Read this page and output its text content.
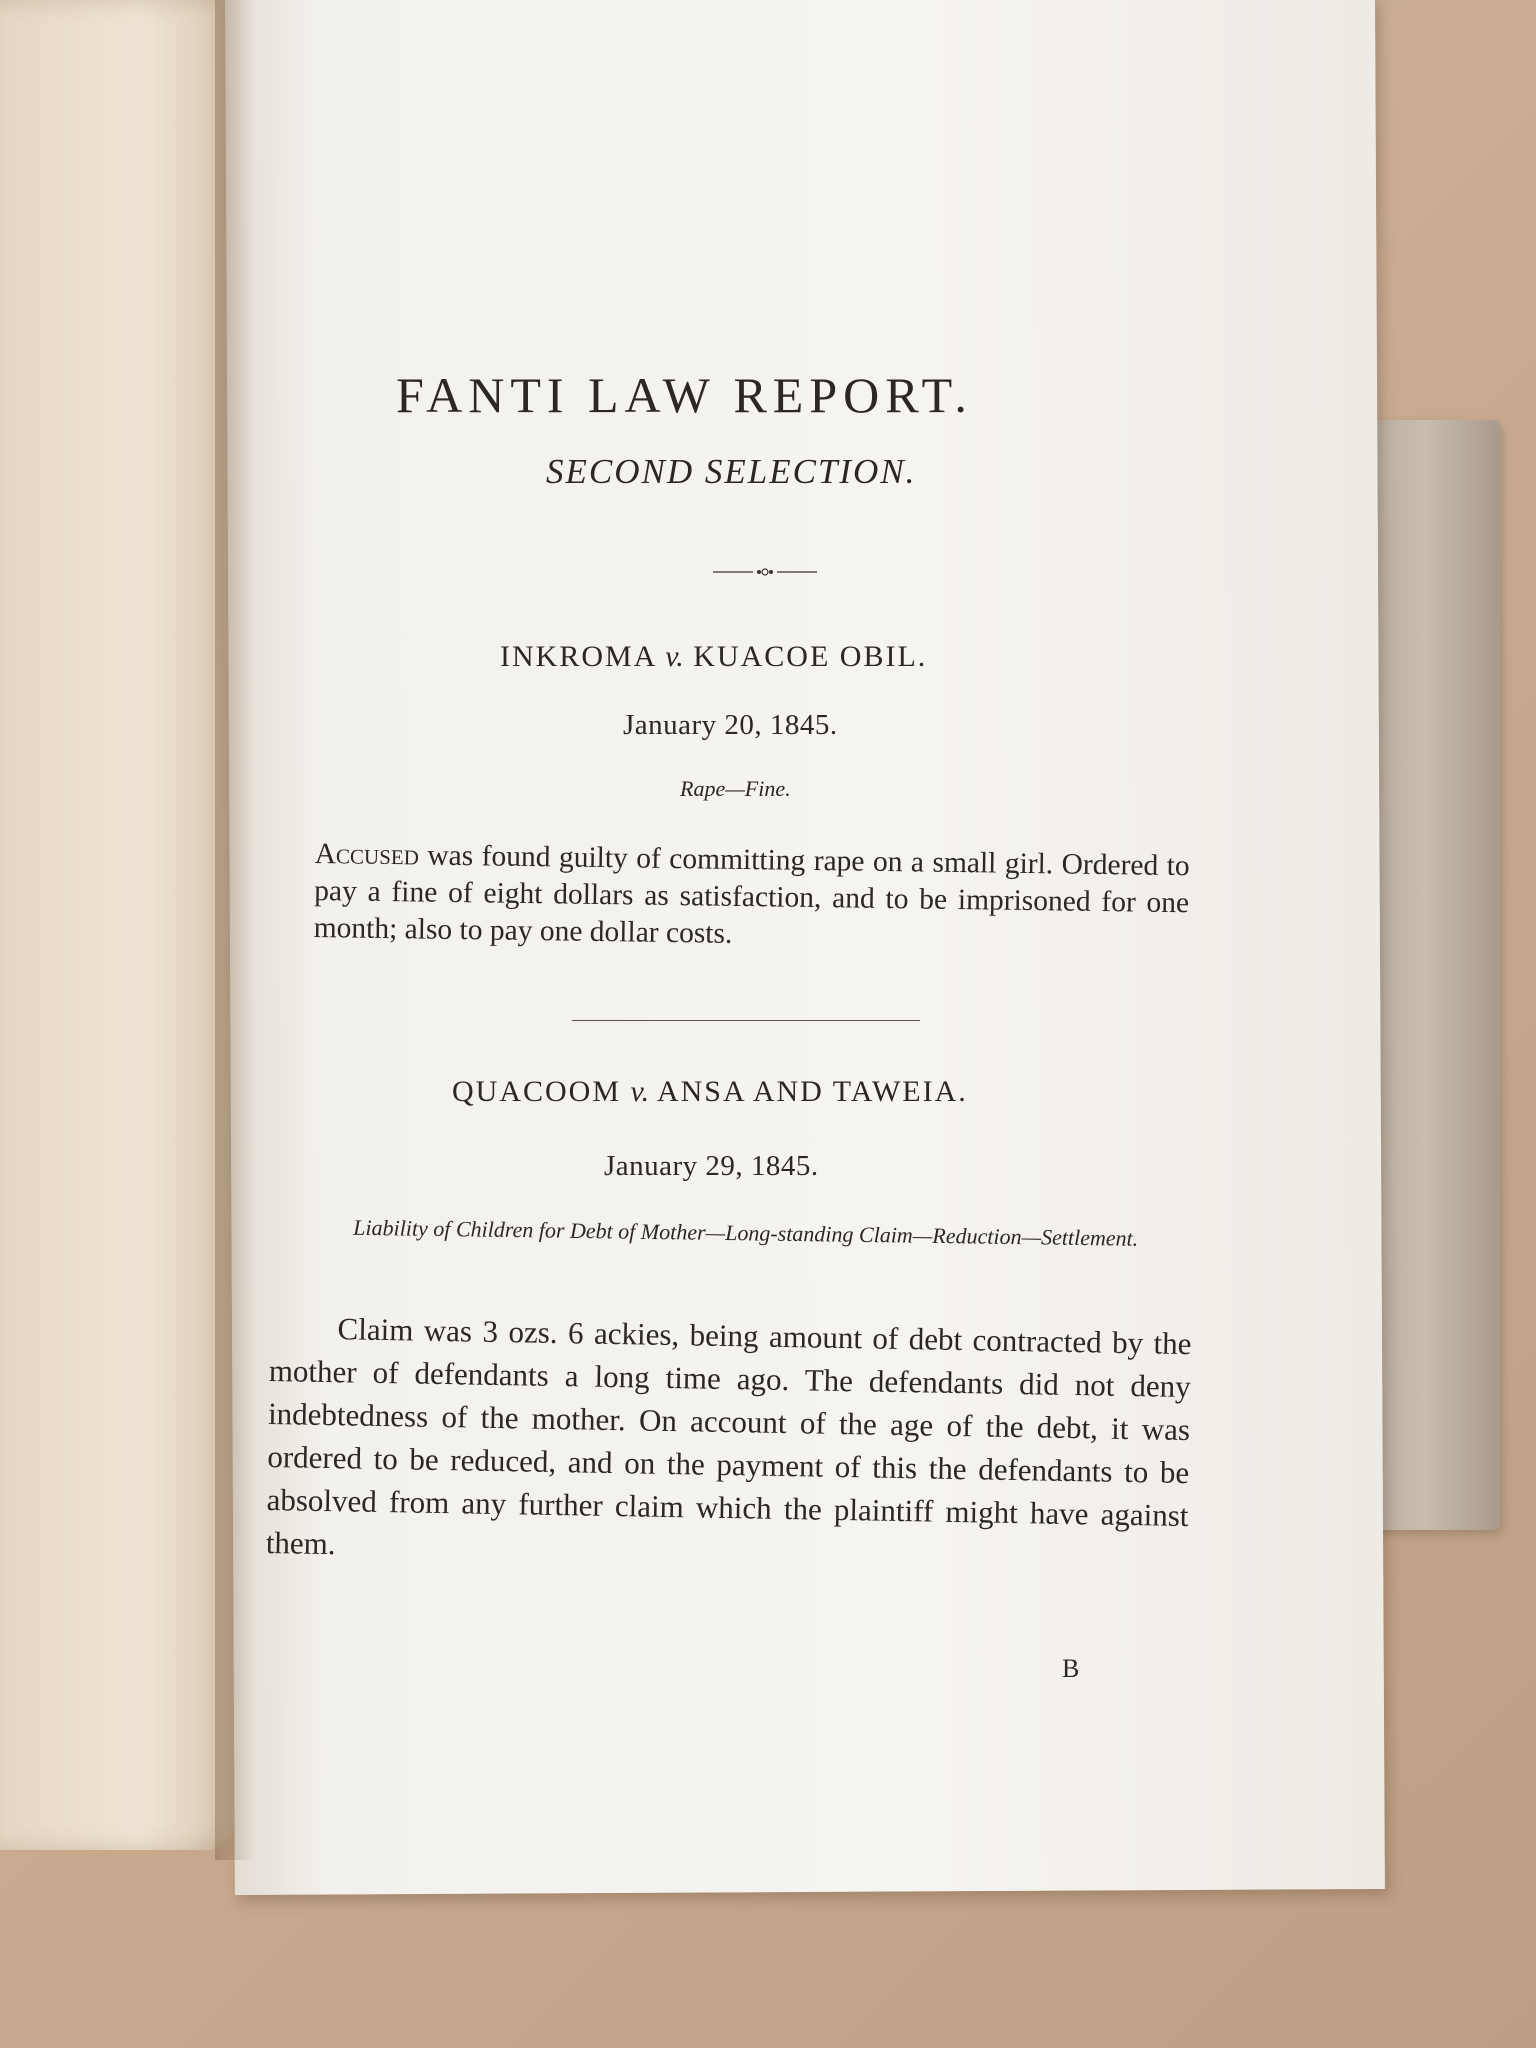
FANTI LAW REPORT.
SECOND SELECTION.
INKROMA v. KUACOE OBIL.
January 20, 1845.
Rape—Fine.
Accused was found guilty of committing rape on a small girl. Ordered to pay a fine of eight dollars as satisfaction, and to be imprisoned for one month; also to pay one dollar costs.
QUACOOM v. ANSA AND TAWEIA.
January 29, 1845.
Liability of Children for Debt of Mother—Long-standing Claim—Reduction—Settlement.
Claim was 3 ozs. 6 ackies, being amount of debt contracted by the mother of defendants a long time ago. The defendants did not deny indebtedness of the mother. On account of the age of the debt, it was ordered to be reduced, and on the payment of this the defendants to be absolved from any further claim which the plaintiff might have against them.
B
